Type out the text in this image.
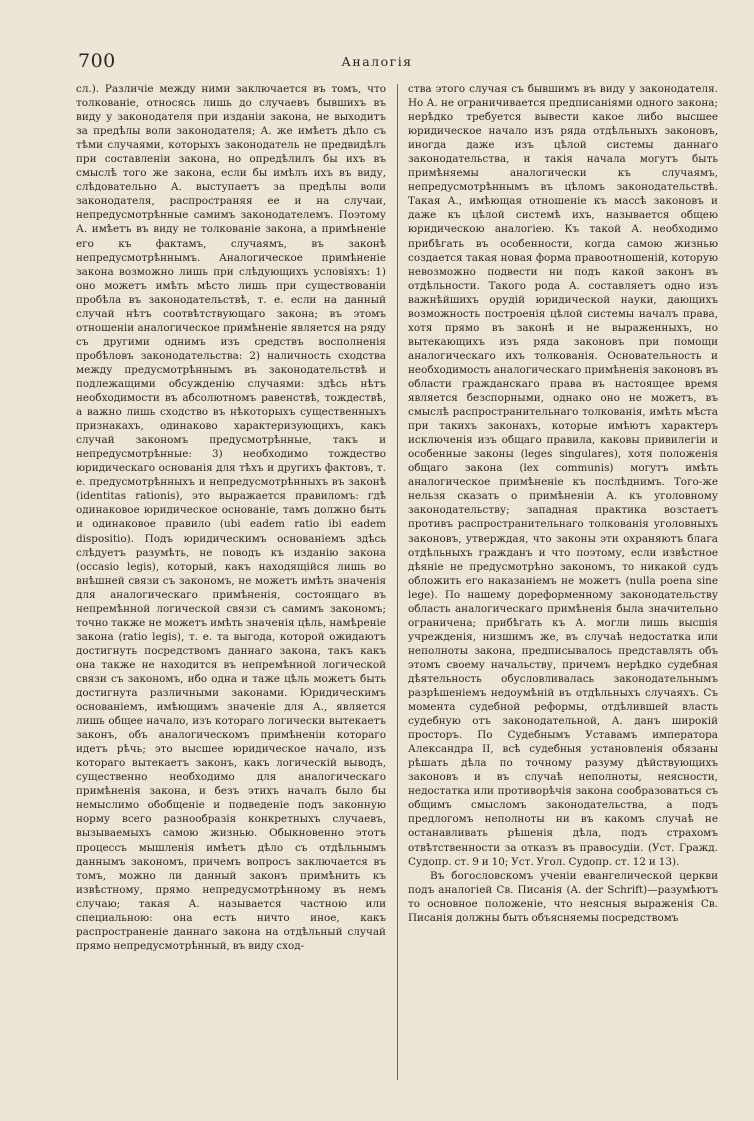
700	Аналогія

сл.). Различіе между ними заключается въ томъ, что толкованіе, относясь лишь до случаевъ бывшихъ въ виду у законодателя при изданіи закона, не выходитъ за предѣлы воли законодателя; А. же имѣетъ дѣло съ тѣми случаями, которыхъ законодатель не предвидѣлъ при составленіи закона, но опредѣлилъ бы ихъ въ смыслѣ того же закона, если бы имѣлъ ихъ въ виду, слѣдовательно А. выступаетъ за предѣлы воли законодателя, распространяя ее и на случаи, непредусмотрѣнные самимъ законодателемъ. Поэтому А. имѣетъ въ виду не толкованіе закона, а примѣненіе его къ фактамъ, случаямъ, въ законѣ непредусмотрѣннымъ. Аналогическое примѣненіе закона возможно лишь при слѣдующихъ условіяхъ: 1) оно можетъ имѣть мѣсто лишь при существованіи пробѣла въ законодательствѣ, т. е. если на данный случай нѣтъ соотвѣтствующаго закона; въ этомъ отношеніи аналогическое примѣненіе является на ряду съ другими однимъ изъ средствъ восполненія пробѣловъ законодательства: 2) наличность сходства между предусмотрѣннымъ въ законодательствѣ и подлежащими обсужденію случаями: здѣсь нѣтъ необходимости въ абсолютномъ равенствѣ, тождествѣ, а важно лишь сходство въ нѣкоторыхъ существенныхъ признакахъ, одинаково характеризующихъ, какъ случай закономъ предусмотрѣнные, такъ и непредусмотрѣнные: 3) необходимо тождество юридическаго основанія для тѣхъ и другихъ фактовъ, т. е. предусмотрѣнныхъ и непредусмотрѣнныхъ въ законѣ (identitas rationis), это выражается правиломъ: гдѣ одинаковое юридическое основаніе, тамъ должно быть и одинаковое правило (ubi eadem ratio ibi eadem dispositio). Подъ юридическимъ основаніемъ здѣсь слѣдуетъ разумѣть, не поводъ къ изданію закона (occasio legis), который, какъ находящійся лишь во внѣшней связи съ закономъ, не можетъ имѣть значенія для аналогическаго примѣненія, состоящаго въ непремѣнной логической связи съ самимъ закономъ; точно также не можетъ имѣть значенія цѣль, намѣреніе закона (ratio legis), т. е. та выгода, которой ожидаютъ достигнуть посредствомъ даннаго закона, такъ какъ она также не находится въ непремѣнной логической связи съ закономъ, ибо одна и таже цѣль можетъ быть достигнута различными законами. Юридическимъ основаніемъ, имѣющимъ значеніе для А., является лишь общее начало, изъ котораго логически вытекаетъ законъ, объ аналогическомъ примѣненіи котораго идетъ рѣчь; это высшее юридическое начало, изъ котораго вытекаетъ законъ, какъ логическій выводъ, существенно необходимо для аналогическаго примѣненія закона, и безъ этихъ началъ было бы немыслимо обобщеніе и подведеніе подъ законную норму всего разнообразія конкретныхъ случаевъ, вызываемыхъ самою жизнью. Обыкновенно этотъ процессъ мышленія имѣетъ дѣло съ отдѣльнымъ даннымъ закономъ, причемъ вопросъ заключается въ томъ, можно ли данный законъ примѣнить къ извѣстному, прямо непредусмотрѣнному въ немъ случаю; такая А. называется частною или специальною: она есть ничто иное, какъ распространеніе даннаго закона на отдѣльный случай прямо непредусмотрѣнный, въ виду сход-

ства этого случая съ бывшимъ въ виду у законодателя. Но А. не ограничивается предписаніями одного закона; нерѣдко требуется вывести какое либо высшее юридическое начало изъ ряда отдѣльныхъ законовъ, иногда даже изъ цѣлой системы даннаго законодательства, и такія начала могутъ быть примѣняемы аналогически къ случаямъ, непредусмотрѣннымъ въ цѣломъ законодательствѣ. Такая А., имѣющая отношеніе къ массѣ законовъ и даже къ цѣлой системѣ ихъ, называется общею юридическою аналогіею. Къ такой А. необходимо прибѣгать въ особенности, когда самою жизнью создается такая новая форма правоотношеній, которую невозможно подвести ни подъ какой законъ въ отдѣльности. Такого рода А. составляетъ одно изъ важнѣйшихъ орудій юридической науки, дающихъ возможность построенія цѣлой системы началъ права, хотя прямо въ законѣ и не выраженныхъ, но вытекающихъ изъ ряда законовъ при помощи аналогическаго ихъ толкованія. Основательность и необходимость аналогическаго примѣненія законовъ въ области гражданскаго права въ настоящее время является безспорными, однако оно не можетъ, въ смыслѣ распространительнаго толкованія, имѣть мѣста при такихъ законахъ, которые имѣютъ характеръ исключенія изъ общаго правила, каковы привилегіи и особенные законы (leges singulares), хотя положенія общаго закона (lex communis) могутъ имѣть аналогическое примѣненіе къ послѣднимъ. Того-же нельзя сказать о примѣненіи А. къ уголовному законодательству; западная практика возстаетъ противъ распространительнаго толкованія уголовныхъ законовъ, утверждая, что законы эти охраняютъ блага отдѣльныхъ гражданъ и что поэтому, если извѣстное дѣяніе не предусмотрѣно закономъ, то никакой судъ обложить его наказаніемъ не можетъ (nulla poena sine lege). По нашему дореформенному законодательству область аналогическаго примѣненія была значительно ограничена; прибѣгать къ А. могли лишь высшія учрежденія, низшимъ же, въ случаѣ недостатка или неполноты закона, предписывалось представлять объ этомъ своему начальству, причемъ нерѣдко судебная дѣятельность обусловливалась законодательнымъ разрѣшеніемъ недоумѣній въ отдѣльныхъ случаяхъ. Съ момента судебной реформы, отдѣлившей власть судебную отъ законодательной, А. данъ широкій просторъ. По Судебнымъ Уставамъ императора Александра II, всѣ судебныя установленія обязаны рѣшать дѣла по точному разуму дѣйствующихъ законовъ и въ случаѣ неполноты, неясности, недостатка или противорѣчія закона сообразоваться съ общимъ смысломъ законодательства, а подъ предлогомъ неполноты ни въ какомъ случаѣ не останавливать рѣшенія дѣла, подъ страхомъ отвѣтственности за отказъ въ правосудіи. (Уст. Гражд. Судопр. ст. 9 и 10; Уст. Угол. Судопр. ст. 12 и 13).

Въ богословскомъ ученіи евангелической церкви подъ аналогіей Св. Писанія (A. der Schrift)—разумѣютъ то основное положеніе, что неясныя выраженія Св. Писанія должны быть объясняемы посредствомъ
